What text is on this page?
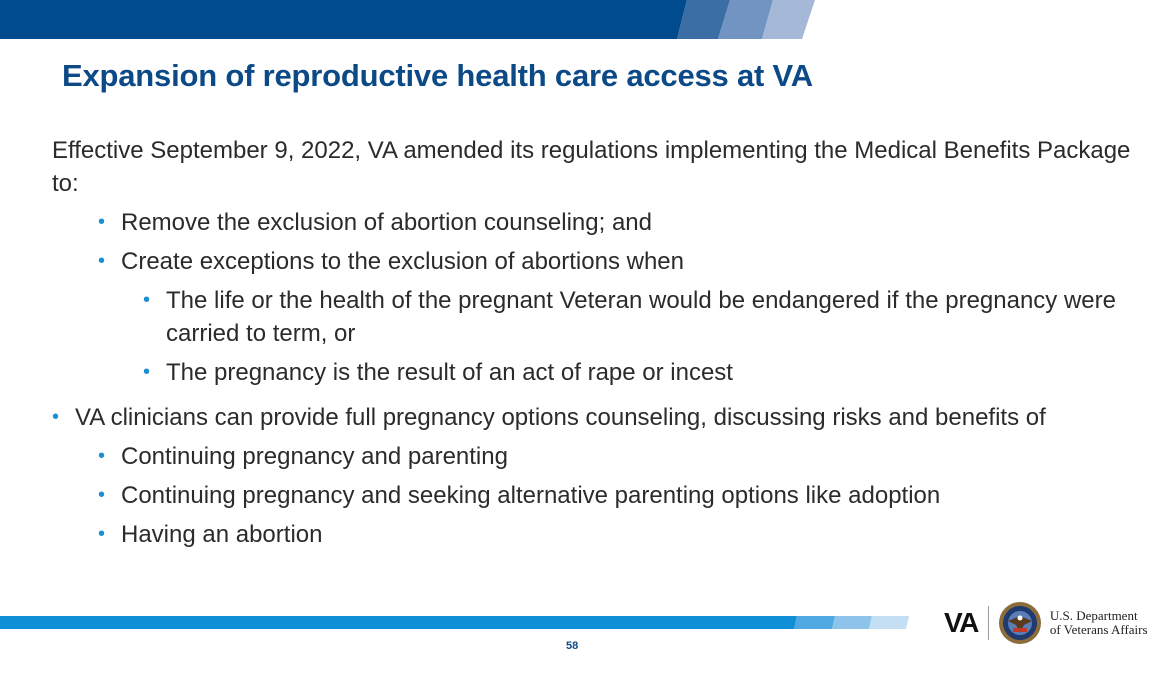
Expansion of reproductive health care access at VA

Effective September 9, 2022, VA amended its regulations implementing the Medical Benefits Package to:

• Remove the exclusion of abortion counseling; and
• Create exceptions to the exclusion of abortions when
• The life or the health of the pregnant Veteran would be endangered if the pregnancy were carried to term, or
• The pregnancy is the result of an act of rape or incest
• VA clinicians can provide full pregnancy options counseling, discussing risks and benefits of
• Continuing pregnancy and parenting
• Continuing pregnancy and seeking alternative parenting options like adoption
• Having an abortion
58
VA	U.S. Department
of Veterans Affairs
